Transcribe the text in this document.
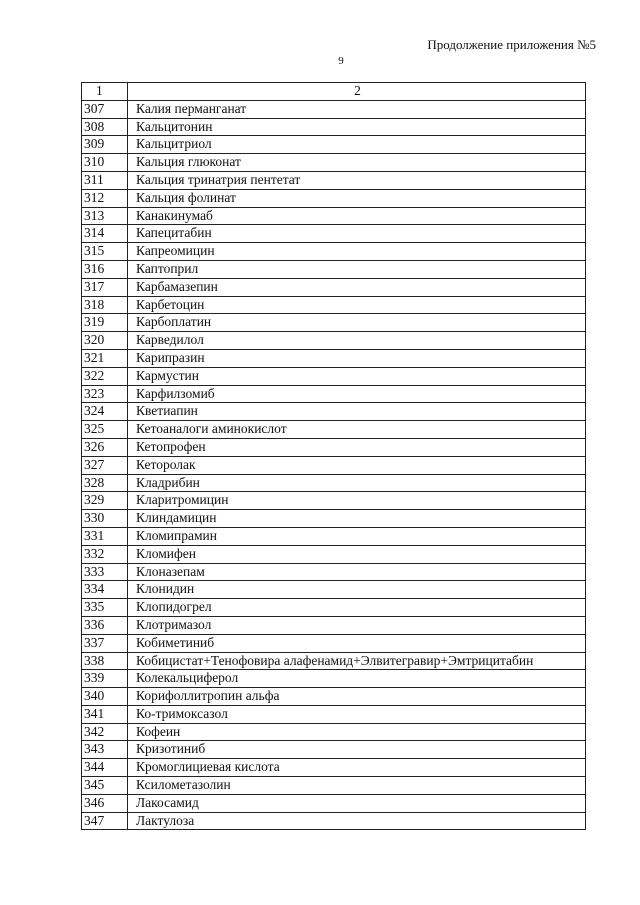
Продолжение приложения №5
9
1	2
307	Калия перманганат
308	Кальцитонин
309	Кальцитриол
310	Кальция глюконат
311	Кальция тринатрия пентетат
312	Кальция фолинат
313	Канакинумаб
314	Капецитабин
315	Капреомицин
316	Каптоприл
317	Карбамазепин
318	Карбетоцин
319	Карбоплатин
320	Карведилол
321	Карипразин
322	Кармустин
323	Карфилзомиб
324	Кветиапин
325	Кетоаналоги аминокислот
326	Кетопрофен
327	Кеторолак
328	Кладрибин
329	Кларитромицин
330	Клиндамицин
331	Кломипрамин
332	Кломифен
333	Клоназепам
334	Клонидин
335	Клопидогрел
336	Клотримазол
337	Кобиметиниб
338	Кобицистат+Тенофовира алафенамид+Элвитегравир+Эмтрицитабин
339	Колекальциферол
340	Корифоллитропин альфа
341	Ко-тримоксазол
342	Кофеин
343	Кризотиниб
344	Кромоглициевая кислота
345	Ксилометазолин
346	Лакосамид
347	Лактулоза
